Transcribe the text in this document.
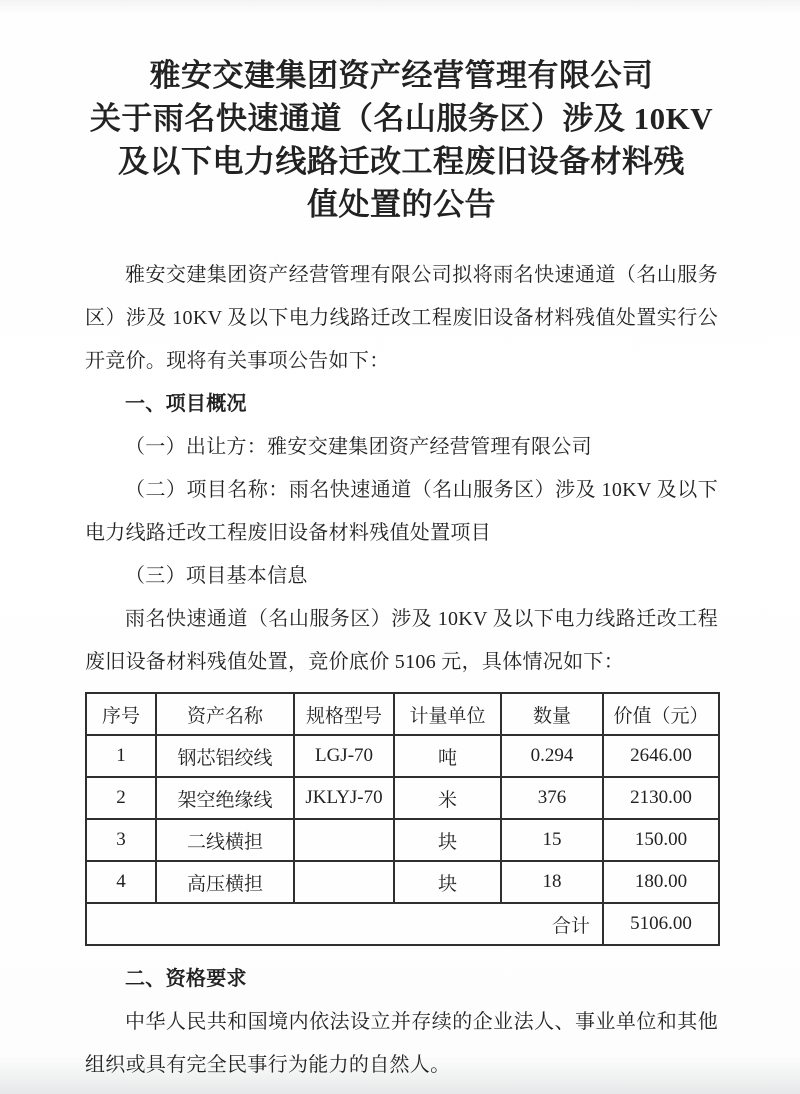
雅安交建集团资产经营管理有限公司
关于雨名快速通道（名山服务区）涉及 10KV
及以下电力线路迁改工程废旧设备材料残
值处置的公告

雅安交建集团资产经营管理有限公司拟将雨名快速通道（名山服务区）涉及 10KV 及以下电力线路迁改工程废旧设备材料残值处置实行公开竞价。现将有关事项公告如下：

一、项目概况

（一）出让方：雅安交建集团资产经营管理有限公司

（二）项目名称：雨名快速通道（名山服务区）涉及 10KV 及以下电力线路迁改工程废旧设备材料残值处置项目

（三）项目基本信息

雨名快速通道（名山服务区）涉及 10KV 及以下电力线路迁改工程废旧设备材料残值处置，竞价底价 5106 元，具体情况如下：

序号	资产名称	规格型号	计量单位	数量	价值（元）
1	钢芯铝绞线	LGJ-70	吨	0.294	2646.00
2	架空绝缘线	JKLYJ-70	米	376	2130.00
3	二线横担		块	15	150.00
4	高压横担		块	18	180.00
合计					5106.00

二、资格要求

中华人民共和国境内依法设立并存续的企业法人、事业单位和其他组织或具有完全民事行为能力的自然人。
